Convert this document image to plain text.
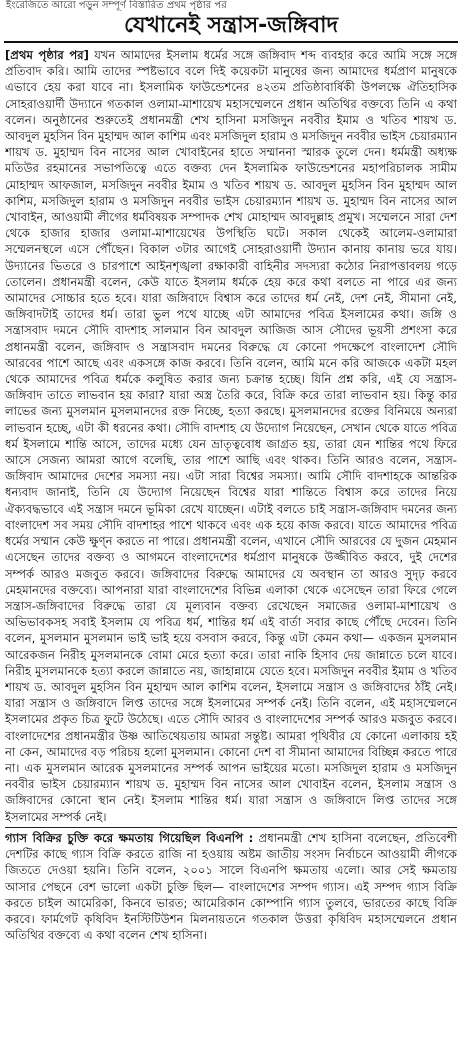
ইংরেজিতে আরো পড়ুন সম্পূর্ণ বিস্তারিত প্রথম পৃষ্ঠার পর
যেখানেই সন্ত্রাস-জঙ্গিবাদ
[প্রথম পৃষ্ঠার পর] যখন আমাদের ইসলাম ধর্মের সঙ্গে জঙ্গিবাদ শব্দ ব্যবহার করে আমি সঙ্গে সঙ্গে প্রতিবাদ করি। আমি তাদের স্পষ্টভাবে বলে দিই কয়েকটা মানুষের জন্য আমাদের ধর্মপ্রাণ মানুষকে এভাবে হেয় করা যাবে না। ইসলামিক ফাউন্ডেশনের ৪২তম প্রতিষ্ঠাবার্ষিকী উপলক্ষে ঐতিহাসিক সোহরাওয়ার্দী উদ্যানে গতকাল ওলামা-মাশায়েখ মহাসম্মেলনে প্রধান অতিথির বক্তব্যে তিনি এ কথা বলেন। অনুষ্ঠানের শুরুতেই প্রধানমন্ত্রী শেখ হাসিনা মসজিদুন নববীর ইমাম ও খতিব শায়খ ড. আবদুল মুহসিন বিন মুহাম্মদ আল কাশিম এবং মসজিদুল হারাম ও মসজিদুন নববীর ভাইস চেয়ারম্যান শায়খ ড. মুহাম্মদ বিন নাসের আল খোবাইনের হাতে সম্মাননা স্মারক তুলে দেন। ধর্মমন্ত্রী অধ্যক্ষ মতিউর রহমানের সভাপতিত্বে এতে বক্তব্য দেন ইসলামিক ফাউন্ডেশনের মহাপরিচালক সামীম মোহাম্মদ আফজাল, মসজিদুন নববীর ইমাম ও খতিব শায়খ ড. আবদুল মুহসিন বিন মুহাম্মদ আল কাশিম, মসজিদুল হারাম ও মসজিদুন নববীর ভাইস চেয়ারম্যান শায়খ ড. মুহাম্মদ বিন নাসের আল খোবাইন, আওয়ামী লীগের ধর্মবিষয়ক সম্পাদক শেখ মোহাম্মদ আবদুল্লাহ প্রমুখ। সম্মেলনে সারা দেশ থেকে হাজার হাজার ওলামা-মাশায়েখের উপস্থিতি ঘটে। সকাল থেকেই আলেম-ওলামারা সম্মেলনস্থলে এসে পৌঁছেন। বিকাল ৩টার আগেই সোহরাওয়ার্দী উদ্যান কানায় কানায় ভরে যায়। উদ্যানের ভিতরে ও চারপাশে আইনশৃঙ্খলা রক্ষাকারী বাহিনীর সদস্যরা কঠোর নিরাপত্তাবলয় গড়ে তোলেন। প্রধানমন্ত্রী বলেন, কেউ যাতে ইসলাম ধর্মকে হেয় করে কথা বলতে না পারে এর জন্য আমাদের সোচ্চার হতে হবে। যারা জঙ্গিবাদে বিশ্বাস করে তাদের ধর্ম নেই, দেশ নেই, সীমানা নেই, জঙ্গিবাদটাই তাদের ধর্ম। তারা ভুল পথে যাচ্ছে এটা আমাদের পবিত্র ইসলামের কথা। জঙ্গি ও সন্ত্রাসবাদ দমনে সৌদি বাদশাহ সালমান বিন আবদুল আজিজ আস সৌদের ভূয়সী প্রশংসা করে প্রধানমন্ত্রী বলেন, জঙ্গিবাদ ও সন্ত্রাসবাদ দমনের বিরুদ্ধে যে কোনো পদক্ষেপে বাংলাদেশ সৌদি আরবের পাশে আছে এবং একসঙ্গে কাজ করবে। তিনি বলেন, আমি মনে করি আজকে একটা মহল থেকে আমাদের পবিত্র ধর্মকে কলুষিত করার জন্য চক্রান্ত হচ্ছে। যিনি প্রশ্ন করি, এই যে সন্ত্রাস-জঙ্গিবাদ তাতে লাভবান হয় কারা? যারা অস্ত্র তৈরি করে, বিক্রি করে তারা লাভবান হয়। কিন্তু কার লাভের জন্য মুসলমান মুসলমানদের রক্ত নিচ্ছে, হত্যা করছে। মুসলমানদের রক্তের বিনিময়ে অন্যরা লাভবান হচ্ছে, এটা কী ধরনের কথা। সৌদি বাদশাহ যে উদ্যোগ নিয়েছেন, সেখান থেকে যাতে পবিত্র ধর্ম ইসলামে শান্তি আসে, তাদের মধ্যে যেন ভ্রাতৃত্ববোধ জাগ্রত হয়, তারা যেন শান্তির পথে ফিরে আসে সেজন্য আমরা আগে বলেছি, তার পাশে আছি এবং থাকব। তিনি আরও বলেন, সন্ত্রাস-জঙ্গিবাদ আমাদের দেশের সমস্যা নয়। এটা সারা বিশ্বের সমস্যা। আমি সৌদি বাদশাহকে আন্তরিক ধন্যবাদ জানাই, তিনি যে উদ্যোগ নিয়েছেন বিশ্বের যারা শান্তিতে বিশ্বাস করে তাদের নিয়ে ঐক্যবদ্ধভাবে এই সন্ত্রাস দমনে ভূমিকা রেখে যাচ্ছেন। এটাই বলতে চাই সন্ত্রাস-জঙ্গিবাদ দমনের জন্য বাংলাদেশ সব সময় সৌদি বাদশাহর পাশে থাকবে এবং এক হয়ে কাজ করবে। যাতে আমাদের পবিত্র ধর্মের সম্মান কেউ ক্ষুণ্ন করতে না পারে। প্রধানমন্ত্রী বলেন, এখানে সৌদি আরবের যে দুজন মেহমান এসেছেন তাদের বক্তব্য ও আগমনে বাংলাদেশের ধর্মপ্রাণ মানুষকে উজ্জীবিত করবে, দুই দেশের সম্পর্ক আরও মজবুত করবে। জঙ্গিবাদের বিরুদ্ধে আমাদের যে অবস্থান তা আরও সুদৃঢ় করবে মেহমানদের বক্তব্যে। আপনারা যারা বাংলাদেশের বিভিন্ন এলাকা থেকে এসেছেন তারা ফিরে গেলে সন্ত্রাস-জঙ্গিবাদের বিরুদ্ধে তারা যে মূল্যবান বক্তব্য রেখেছেন সমাজের ওলামা-মাশায়েখ ও অভিভাবকসহ সবাই ইসলাম যে পবিত্র ধর্ম, শান্তির ধর্ম এই বার্তা সবার কাছে পৌঁছে দেবেন। তিনি বলেন, মুসলমান মুসলমান ভাই ভাই হয়ে বসবাস করবে, কিন্তু এটা কেমন কথা— একজন মুসলমান আরেকজন নিরীহ মুসলমানকে বোমা মেরে হত্যা করে। তারা নাকি হিসাব দেয় জান্নাতে চলে যাবে। নিরীহ মুসলমানকে হত্যা করলে জান্নাতে নয়, জাহান্নামে যেতে হবে। মসজিদুন নববীর ইমাম ও খতিব শায়খ ড. আবদুল মুহসিন বিন মুহাম্মদ আল কাশিম বলেন, ইসলামে সন্ত্রাস ও জঙ্গিবাদের ঠাঁই নেই। যারা সন্ত্রাস ও জঙ্গিবাদে লিপ্ত তাদের সঙ্গে ইসলামের সম্পর্ক নেই। তিনি বলেন, এই মহাসম্মেলনে ইসলামের প্রকৃত চিত্র ফুটে উঠেছে। এতে সৌদি আরব ও বাংলাদেশের সম্পর্ক আরও মজবুত করবে। বাংলাদেশের প্রধানমন্ত্রীর উষ্ণ আতিথেয়তায় আমরা সন্তুষ্ট। আমরা পৃথিবীর যে কোনো এলাকায় হই না কেন, আমাদের বড় পরিচয় হলো মুসলমান। কোনো দেশ বা সীমানা আমাদের বিচ্ছিন্ন করতে পারে না। এক মুসলমান আরেক মুসলমানের সম্পর্ক আপন ভাইয়ের মতো। মসজিদুল হারাম ও মসজিদুন নববীর ভাইস চেয়ারম্যান শায়খ ড. মুহাম্মদ বিন নাসের আল খোবাইন বলেন, ইসলাম সন্ত্রাস ও জঙ্গিবাদের কোনো স্থান নেই। ইসলাম শান্তির ধর্ম। যারা সন্ত্রাস ও জঙ্গিবাদে লিপ্ত তাদের সঙ্গে ইসলামের সম্পর্ক নেই।
গ্যাস বিক্রির চুক্তি করে ক্ষমতায় গিয়েছিল বিএনপি : প্রধানমন্ত্রী শেখ হাসিনা বলেছেন, প্রতিবেশী দেশটির কাছে গ্যাস বিক্রি করতে রাজি না হওয়ায় অষ্টম জাতীয় সংসদ নির্বাচনে আওয়ামী লীগকে জিততে দেওয়া হয়নি। তিনি বলেন, ২০০১ সালে বিএনপি ক্ষমতায় এলো। আর সেই ক্ষমতায় আসার পেছনে বেশ ভালো একটা চুক্তি ছিল— বাংলাদেশের সম্পদ গ্যাস। এই সম্পদ গ্যাস বিক্রি করতে চাইল আমেরিকা, কিনবে ভারত; আমেরিকান কোম্পানি গ্যাস তুলবে, ভারতের কাছে বিক্রি করবে। ফার্মগেট কৃষিবিদ ইনস্টিটিউশন মিলনায়তনে গতকাল উত্তরা কৃষিবিদ মহাসম্মেলনে প্রধান অতিথির বক্তব্যে এ কথা বলেন শেখ হাসিনা।
